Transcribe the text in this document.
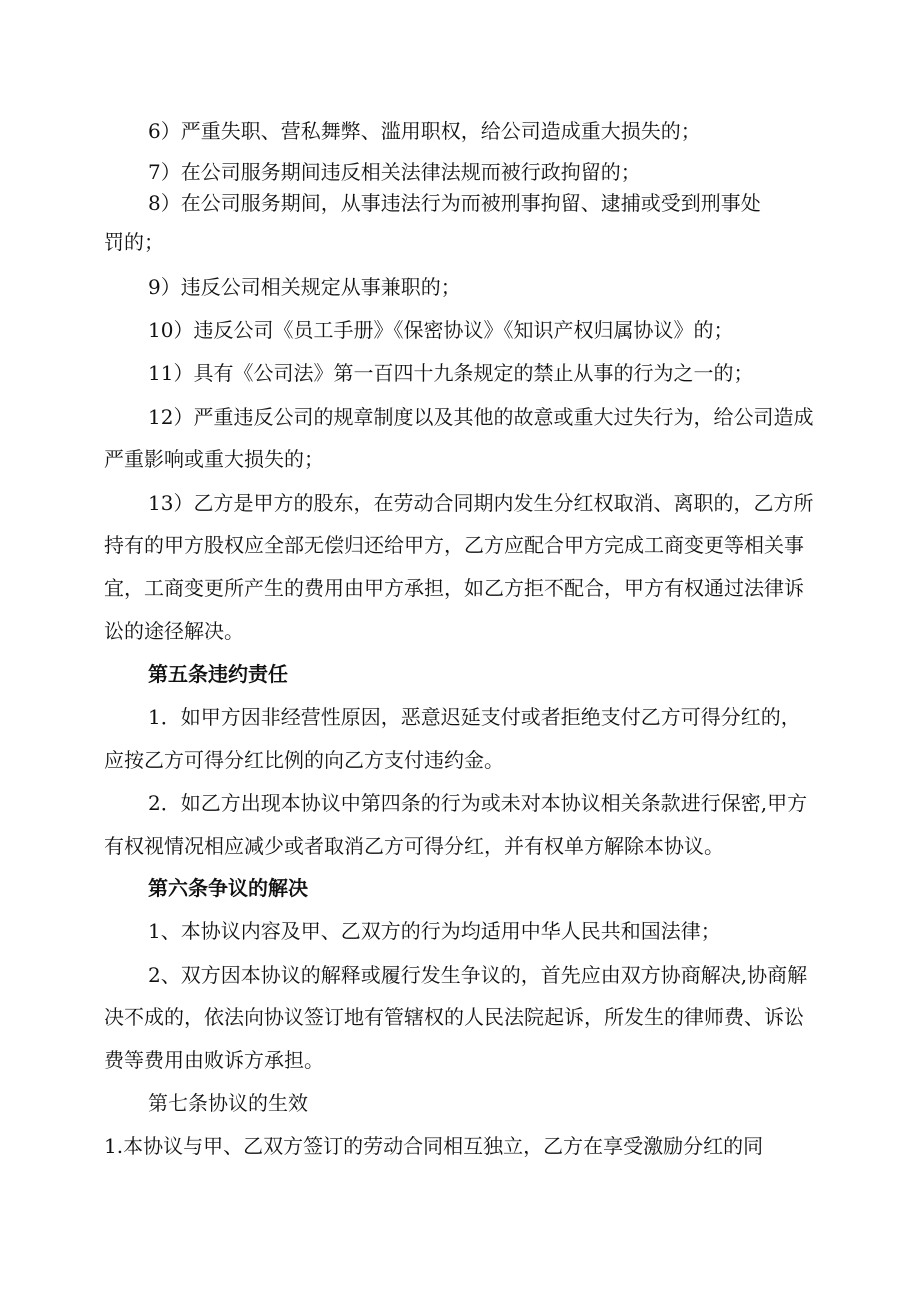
6）严重失职、营私舞弊、滥用职权，给公司造成重大损失的；
7）在公司服务期间违反相关法律法规而被行政拘留的；
8）在公司服务期间，从事违法行为而被刑事拘留、逮捕或受到刑事处
罚的；
9）违反公司相关规定从事兼职的；
10）违反公司《员工手册》《保密协议》《知识产权归属协议》的；
11）具有《公司法》第一百四十九条规定的禁止从事的行为之一的；
12）严重违反公司的规章制度以及其他的故意或重大过失行为，给公司造成
严重影响或重大损失的；
13）乙方是甲方的股东，在劳动合同期内发生分红权取消、离职的，乙方所
持有的甲方股权应全部无偿归还给甲方，乙方应配合甲方完成工商变更等相关事
宜，工商变更所产生的费用由甲方承担，如乙方拒不配合，甲方有权通过法律诉
讼的途径解决。
第五条违约责任
1．如甲方因非经营性原因，恶意迟延支付或者拒绝支付乙方可得分红的，
应按乙方可得分红比例的向乙方支付违约金。
2．如乙方出现本协议中第四条的行为或未对本协议相关条款进行保密,甲方
有权视情况相应减少或者取消乙方可得分红，并有权单方解除本协议。
第六条争议的解决
1、本协议内容及甲、乙双方的行为均适用中华人民共和国法律；
2、双方因本协议的解释或履行发生争议的，首先应由双方协商解决,协商解
决不成的，依法向协议签订地有管辖权的人民法院起诉，所发生的律师费、诉讼
费等费用由败诉方承担。
第七条协议的生效
1.本协议与甲、乙双方签订的劳动合同相互独立，乙方在享受激励分红的同
